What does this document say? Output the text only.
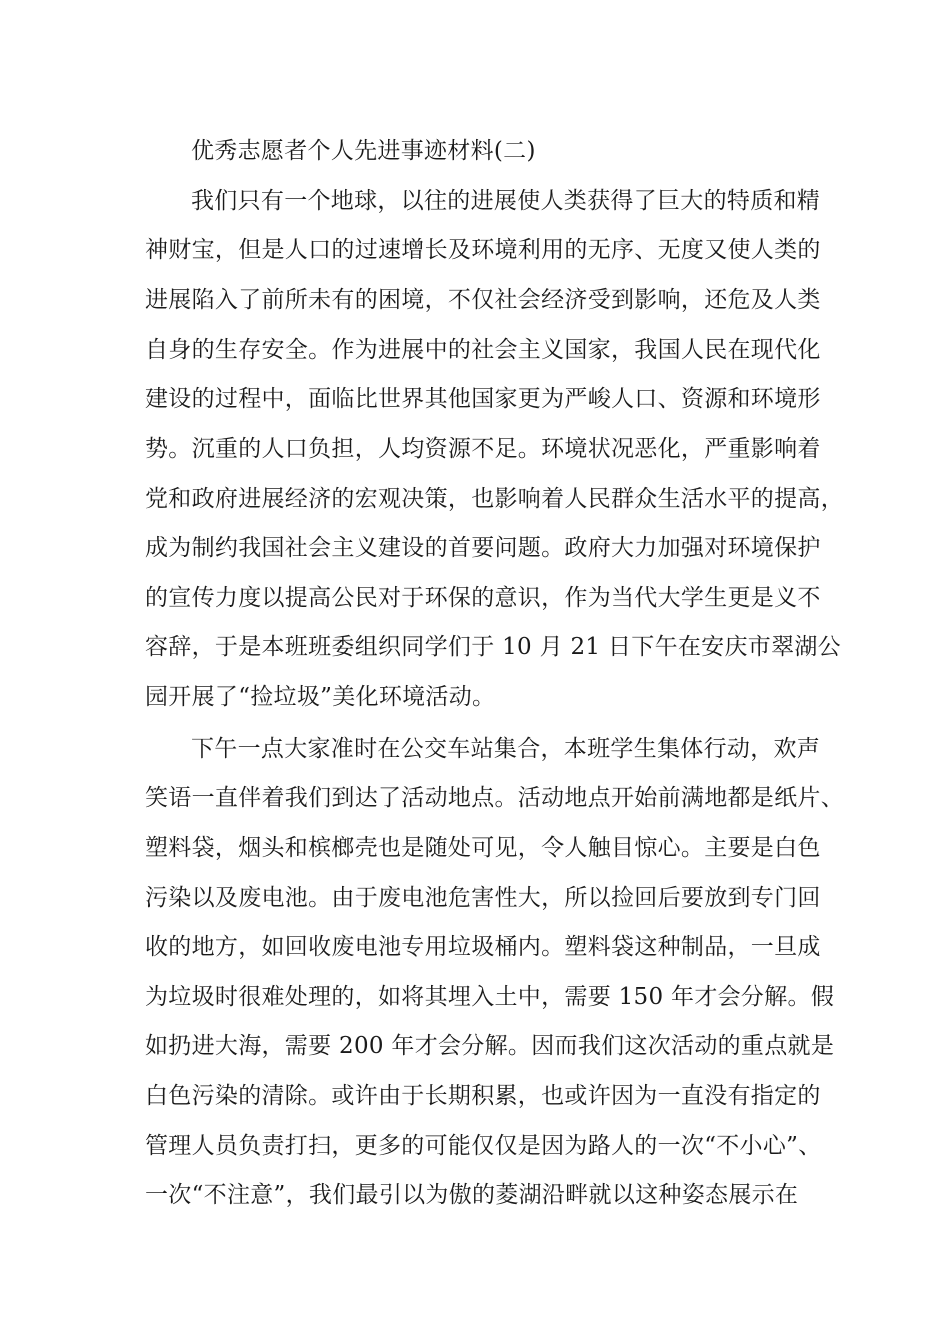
优秀志愿者个人先进事迹材料(二)
我们只有一个地球，以往的进展使人类获得了巨大的特质和精
神财宝，但是人口的过速增长及环境利用的无序、无度又使人类的
进展陷入了前所未有的困境，不仅社会经济受到影响，还危及人类
自身的生存安全。作为进展中的社会主义国家，我国人民在现代化
建设的过程中，面临比世界其他国家更为严峻人口、资源和环境形
势。沉重的人口负担，人均资源不足。环境状况恶化，严重影响着
党和政府进展经济的宏观决策，也影响着人民群众生活水平的提高，
成为制约我国社会主义建设的首要问题。政府大力加强对环境保护
的宣传力度以提高公民对于环保的意识，作为当代大学生更是义不
容辞，于是本班班委组织同学们于 10 月 21 日下午在安庆市翠湖公
园开展了“捡垃圾”美化环境活动。
下午一点大家准时在公交车站集合，本班学生集体行动，欢声
笑语一直伴着我们到达了活动地点。活动地点开始前满地都是纸片、
塑料袋，烟头和槟榔壳也是随处可见，令人触目惊心。主要是白色
污染以及废电池。由于废电池危害性大，所以捡回后要放到专门回
收的地方，如回收废电池专用垃圾桶内。塑料袋这种制品，一旦成
为垃圾时很难处理的，如将其埋入土中，需要 150 年才会分解。假
如扔进大海，需要 200 年才会分解。因而我们这次活动的重点就是
白色污染的清除。或许由于长期积累，也或许因为一直没有指定的
管理人员负责打扫，更多的可能仅仅是因为路人的一次“不小心”、
一次“不注意”，我们最引以为傲的菱湖沿畔就以这种姿态展示在
